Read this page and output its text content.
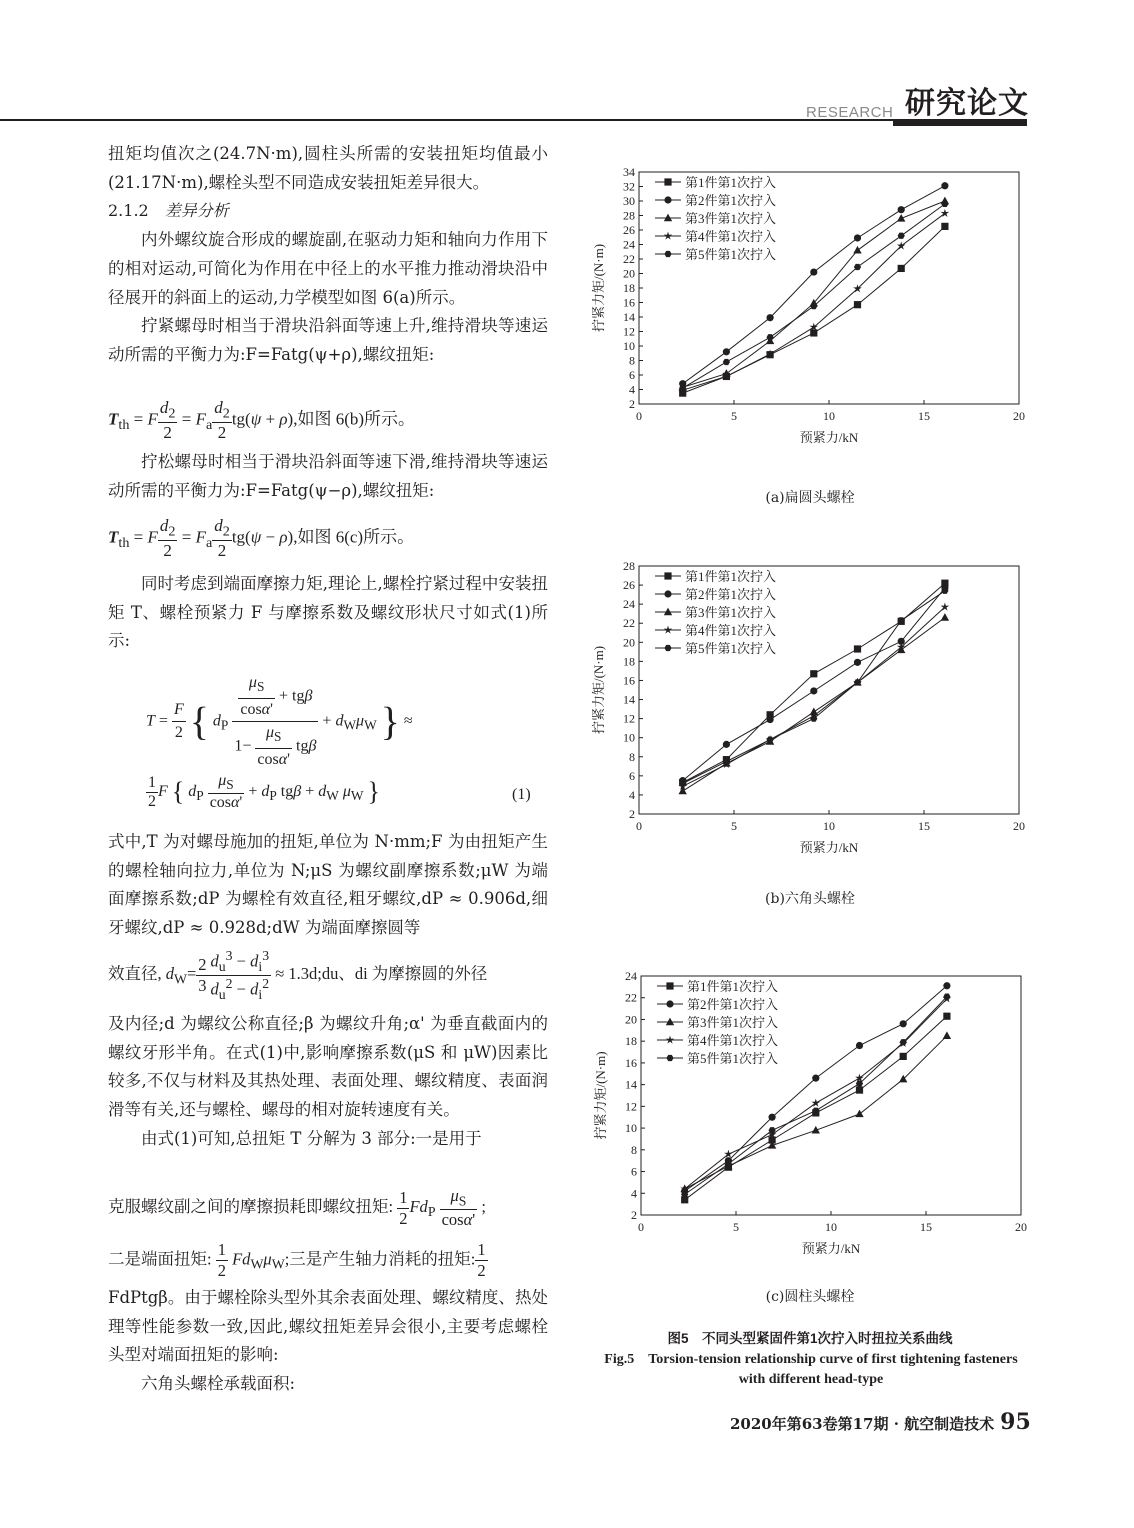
RESEARCH 研究论文

扭矩均值次之(24.7N·m),圆柱头所需的安装扭矩均值最小(21.17N·m),螺栓头型不同造成安装扭矩差异很大。

2.1.2 差异分析

内外螺纹旋合形成的螺旋副,在驱动力矩和轴向力作用下的相对运动,可简化为作用在中径上的水平推力推动滑块沿中径展开的斜面上的运动,力学模型如图 6(a)所示。

拧紧螺母时相当于滑块沿斜面等速上升,维持滑块等速运动所需的平衡力为:F=Fatg(ψ+ρ),螺纹扭矩:

$T_{th} = F \frac{d_2}{2} = F_a \frac{d_2}{2} tg(\psi + \rho)$,如图 6(b)所示。

拧松螺母时相当于滑块沿斜面等速下滑,维持滑块等速运动所需的平衡力为:F=Fatg(ψ−ρ),螺纹扭矩:

$T_{th} = F \frac{d_2}{2} = F_a \frac{d_2}{2} tg(\psi - \rho)$,如图 6(c)所示。

同时考虑到端面摩擦力矩,理论上,螺栓拧紧过程中安装扭矩 T、螺栓预紧力 F 与摩擦系数及螺纹形状尺寸如式(1)所示:

$T = \frac{F}{2}$ { $d_P \frac{\frac{\mu_S}{\cos\alpha'} + tg\beta}{1- \frac{\mu_S}{\cos\alpha'} tg\beta} + d_W\mu_W$ } ≈
$\frac{1}{2}$ F { $d_P \frac{\mu_S}{\cos\alpha'} + d_P$ $tg\beta + d_W$ $\mu_W$ }	(1)

式中,T 为对螺母施加的扭矩,单位为 N·mm;F 为由扭矩产生的螺栓轴向拉力,单位为 N;μS 为螺纹副摩擦系数;μW 为端面摩擦系数;dP 为螺栓有效直径,粗牙螺纹,dP ≈ 0.906d,细牙螺纹,dP ≈ 0.928d;dW 为端面摩擦圆等

效直径, $d_W= \frac{2}{3} \frac{d_u^3 - d_i^3}{d_u^2 - d_i^2}$ ≈ 1.3d;du、di 为摩擦圆的外径

及内径;d 为螺纹公称直径;β 为螺纹升角;α' 为垂直截面内的螺纹牙形半角。在式(1)中,影响摩擦系数(μS 和 μW)因素比较多,不仅与材料及其热处理、表面处理、螺纹精度、表面润滑等有关,还与螺栓、螺母的相对旋转速度有关。

由式(1)可知,总扭矩 T 分解为 3 部分:一是用于

克服螺纹副之间的摩擦损耗即螺纹扭矩: $\frac{1}{2} Fd_P \frac{\mu_S}{\cos\alpha'}$ ;
二是端面扭矩: $\frac{1}{2} Fd_W\mu_W$;三是产生轴力消耗的扭矩: $\frac{1}{2}$

FdPtgβ。由于螺栓除头型外其余表面处理、螺纹精度、热处理等性能参数一致,因此,螺纹扭矩差异会很小,主要考虑螺栓头型对端面扭矩的影响:

六角头螺栓承载面积:

2
4
6
8
10
12
14
16
18
20
22
24
26
28
30
32
34
0	5	10	15	20
预紧力/kN
拧紧力矩/(N·m)
第1件第1次拧入
第2件第1次拧入
第3件第1次拧入
第4件第1次拧入
第5件第1次拧入
(a)扁圆头螺栓
2
4
6
8
10
12
14
16
18
20
22
24
26
28
0	5	10	15	20
预紧力/kN
拧紧力矩/(N·m)
第1件第1次拧入
第2件第1次拧入
第3件第1次拧入
第4件第1次拧入
第5件第1次拧入
(b)六角头螺栓
2
4
6
8
10
12
14
16
18
20
22
24
0	5	10	15	20
预紧力/kN
拧紧力矩/(N·m)
第1件第1次拧入
第2件第1次拧入
第3件第1次拧入
第4件第1次拧入
第5件第1次拧入
(c)圆柱头螺栓
图5　不同头型紧固件第1次拧入时扭拉关系曲线
Fig.5　Torsion-tension relationship curve of first tightening fasteners
with different head-type
2020年第63卷第17期 · 航空制造技术 95
